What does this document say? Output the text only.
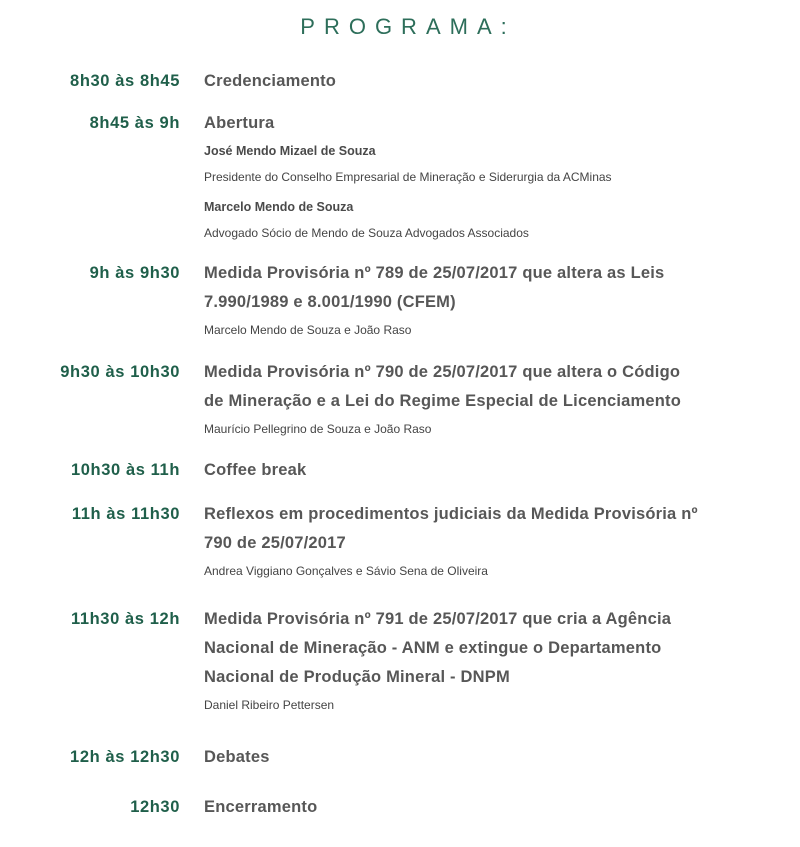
PROGRAMA:
8h30 às 8h45 Credenciamento
8h45 às 9h Abertura
José Mendo Mizael de Souza
Presidente do Conselho Empresarial de Mineração e Siderurgia da ACMinas
Marcelo Mendo de Souza
Advogado Sócio de Mendo de Souza Advogados Associados
9h às 9h30 Medida Provisória nº 789 de 25/07/2017 que altera as Leis
7.990/1989 e 8.001/1990 (CFEM)
Marcelo Mendo de Souza e João Raso
9h30 às 10h30 Medida Provisória nº 790 de 25/07/2017 que altera o Código
de Mineração e a Lei do Regime Especial de Licenciamento
Maurício Pellegrino de Souza e João Raso
10h30 às 11h Coffee break
11h às 11h30 Reflexos em procedimentos judiciais da Medida Provisória nº
790 de 25/07/2017
Andrea Viggiano Gonçalves e Sávio Sena de Oliveira
11h30 às 12h Medida Provisória nº 791 de 25/07/2017 que cria a Agência
Nacional de Mineração - ANM e extingue o Departamento
Nacional de Produção Mineral - DNPM
Daniel Ribeiro Pettersen
12h às 12h30 Debates
12h30 Encerramento
